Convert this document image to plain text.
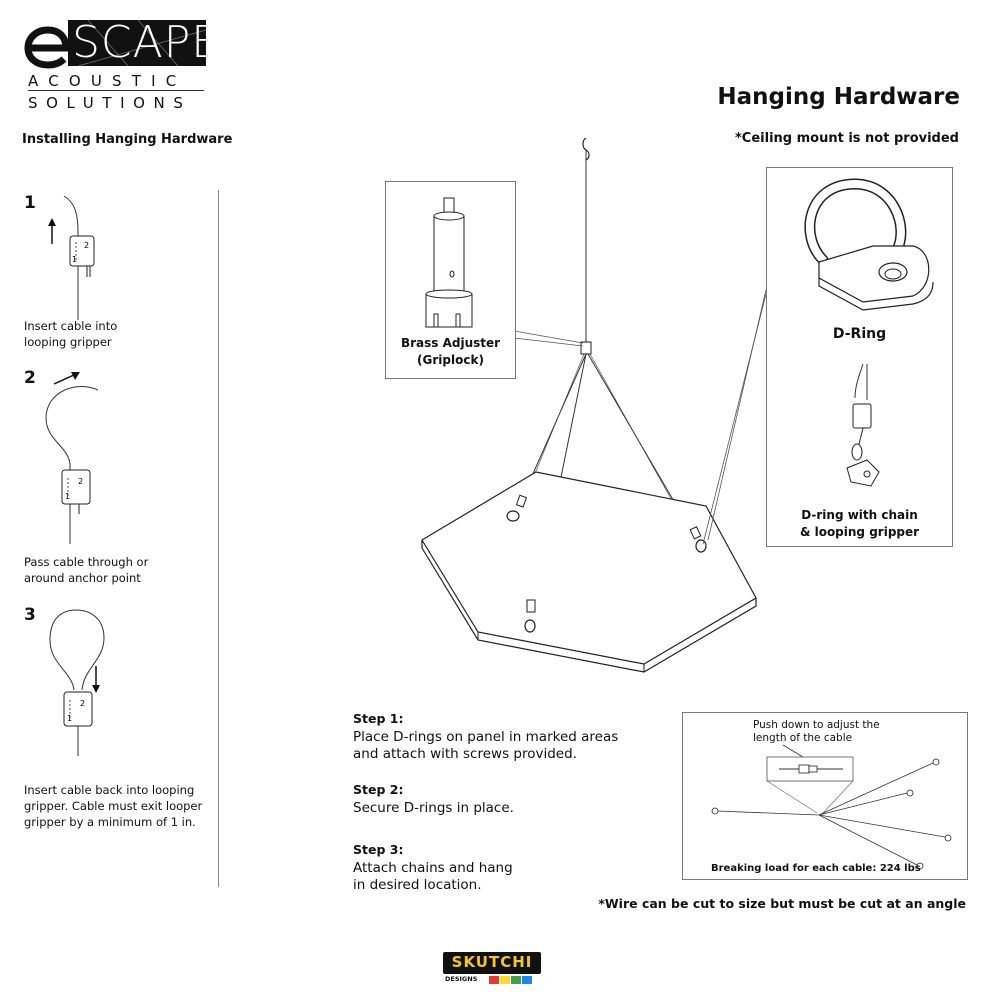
SCAPE
ACOUSTIC
SOLUTIONS	Hanging Hardware
Installing Hanging Hardware	*Ceiling mount is not provided
1
2
1
Insert cable into
looping gripper
2
2
1
Pass cable through or
around anchor point
3
2
1
Insert cable back into looping
gripper. Cable must exit looper
gripper by a minimum of 1 in.
Brass Adjuster
(Griplock)
D-Ring
D-ring with chain
& looping gripper
Step 1:
Place D-rings on panel in marked areas
and attach with screws provided.
Step 2:
Secure D-rings in place.
Step 3:
Attach chains and hang
in desired location.
Push down to adjust the
length of the cable
Breaking load for each cable: 224 lbs
*Wire can be cut to size but must be cut at an angle
SKUTCHI
DESIGNS
